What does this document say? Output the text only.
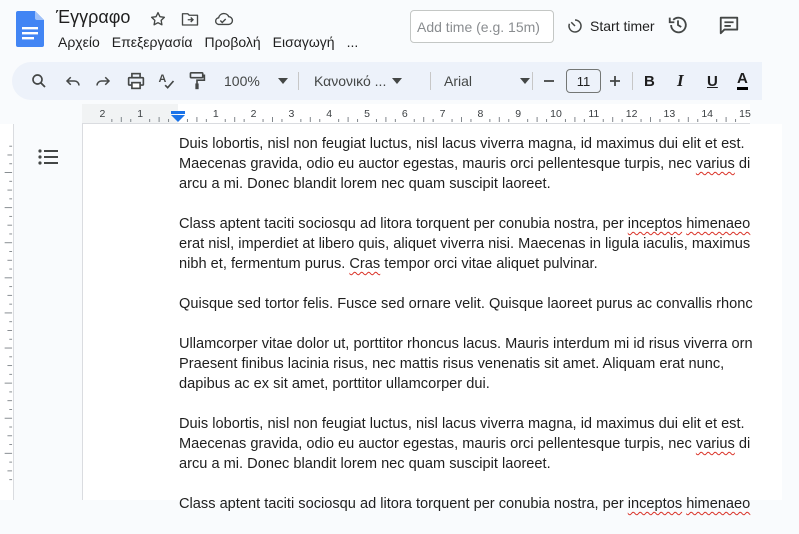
Έγγραφο
Αρχείο Επεξεργασία Προβολή Εισαγωγή ...
Add time (e.g. 15m)
Start timer
A	100%	Κανονικό ...	Arial	11	B I U A
2	1	1	2	3	4	5	6	7	8	9	10	11	12 13 14 15
Duis lobortis, nisl non feugiat luctus, nisl lacus viverra magna, id maximus dui elit et est.
Maecenas gravida, odio eu auctor egestas, mauris orci pellentesque turpis, nec varius di
arcu a mi. Donec blandit lorem nec quam suscipit laoreet.
Class aptent taciti sociosqu ad litora torquent per conubia nostra, per inceptos himenaeo
erat nisl, imperdiet at libero quis, aliquet viverra nisi. Maecenas in ligula iaculis, maximus
nibh et, fermentum purus. Cras tempor orci vitae aliquet pulvinar.
Quisque sed tortor felis. Fusce sed ornare velit. Quisque laoreet purus ac convallis rhonc
Ullamcorper vitae dolor ut, porttitor rhoncus lacus. Mauris interdum mi id risus viverra orn
Praesent finibus lacinia risus, nec mattis risus venenatis sit amet. Aliquam erat nunc,
dapibus ac ex sit amet, porttitor ullamcorper dui.
Duis lobortis, nisl non feugiat luctus, nisl lacus viverra magna, id maximus dui elit et est.
Maecenas gravida, odio eu auctor egestas, mauris orci pellentesque turpis, nec varius di
arcu a mi. Donec blandit lorem nec quam suscipit laoreet.
Class aptent taciti sociosqu ad litora torquent per conubia nostra, per inceptos himenaeo
